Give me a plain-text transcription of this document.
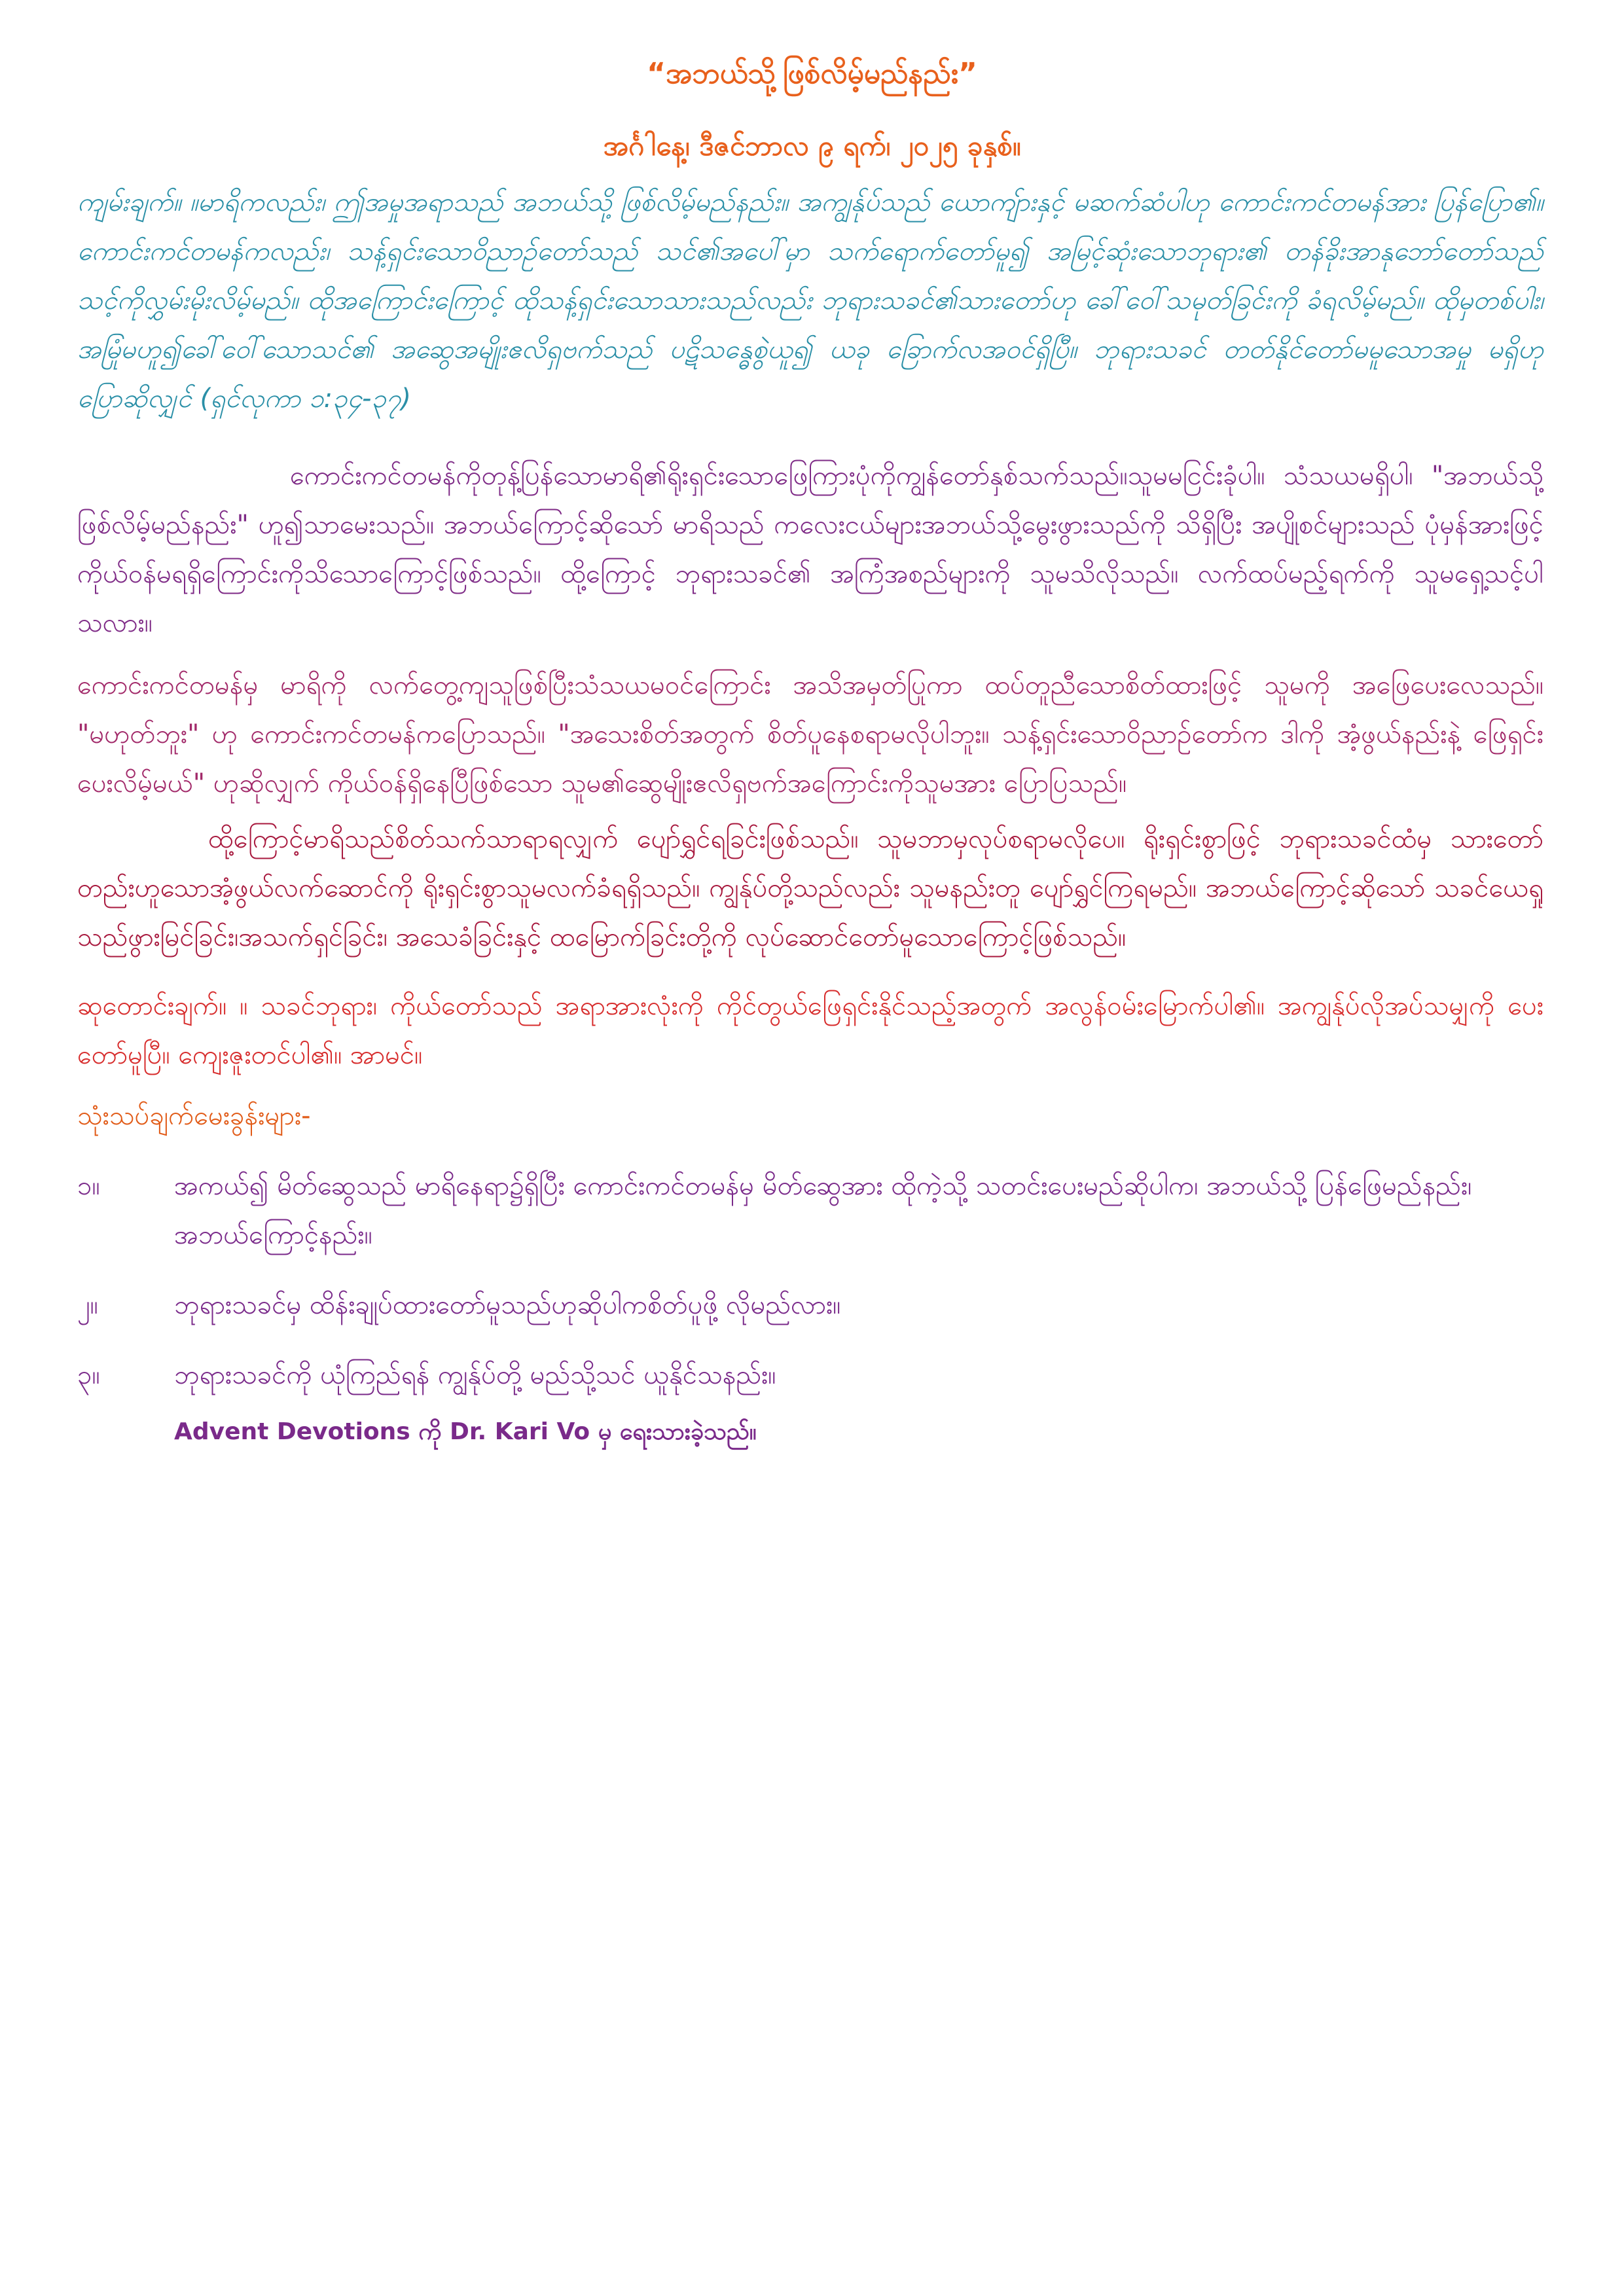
“အဘယ်သို့ဖြစ်လိမ့်မည်နည်း”
အင်္ဂါနေ့၊ ဒီဇင်ဘာလ ၉ ရက်၊ ၂၀၂၅ ခုနှစ်။

ကျမ်းချက်။ ။မာရိကလည်း၊ ဤအမှုအရာသည် အဘယ်သို့ ဖြစ်လိမ့်မည်နည်း။ အကျွန်ုပ်သည် ယောကျ်ားနှင့် မဆက်ဆံပါဟု ကောင်းကင်တမန်အား ပြန်ပြော၏။ကောင်းကင်တမန်ကလည်း၊ သန့်ရှင်းသောဝိညာဉ်တော်သည် သင်၏အပေါ်မှာ သက်ရောက်တော်မူ၍ အမြင့်ဆုံးသောဘုရား၏ တန်ခိုးအာနုဘော်တော်သည် သင့်ကိုလွှမ်းမိုးလိမ့်မည်။ ထိုအကြောင်းကြောင့် ထိုသန့်ရှင်းသောသားသည်လည်း ဘုရားသခင်၏သားတော်ဟု ခေါ်ဝေါ်သမုတ်ခြင်းကို ခံရလိမ့်မည်။ ထိုမှတစ်ပါး၊ အမြုံမဟူ၍ခေါ်ဝေါ်သောသင်၏ အဆွေအမျိုးဧလိရှဗက်သည် ပဋိသန္ဓေစွဲယူ၍ ယခု ခြောက်လအဝင်ရှိပြီ။ ဘုရားသခင် တတ်နိုင်တော်မမူသောအမှု မရှိဟု ပြောဆိုလျှင် (ရှင်လုကာ ၁:၃၄-၃၇)

ကောင်းကင်တမန်ကိုတုန့်ပြန်သောမာရိ၏ရိုးရှင်းသောဖြေကြားပုံကိုကျွန်တော်နှစ်သက်သည်။သူမမငြင်းခုံပါ။ သံသယမရှိပါ၊ "အဘယ်သို့ဖြစ်လိမ့်မည်နည်း" ဟူ၍သာမေးသည်။ အဘယ်ကြောင့်ဆိုသော် မာရိသည် ကလေးငယ်များအဘယ်သို့မွေးဖွားသည်ကို သိရှိပြီး အပျိုစင်များသည် ပုံမှန်အားဖြင့် ကိုယ်ဝန်မရရှိကြောင်းကိုသိသောကြောင့်ဖြစ်သည်။ ထို့ကြောင့် ဘုရားသခင်၏ အကြံအစည်များကို သူမသိလိုသည်။ လက်ထပ်မည့်ရက်ကို သူမရှေ့သင့်ပါသလား။

ကောင်းကင်တမန်မှ မာရိကို လက်တွေ့ကျသူဖြစ်ပြီးသံသယမဝင်ကြောင်း အသိအမှတ်ပြုကာ ထပ်တူညီသောစိတ်ထားဖြင့် သူမကို အဖြေပေးလေသည်။ "မဟုတ်ဘူး" ဟု ကောင်းကင်တမန်ကပြောသည်။ "အသေးစိတ်အတွက် စိတ်ပူနေစရာမလိုပါဘူး။ သန့်ရှင်းသောဝိညာဉ်တော်က ဒါကို အံ့ဖွယ်နည်းနဲ့ ဖြေရှင်းပေးလိမ့်မယ်" ဟုဆိုလျှက် ကိုယ်ဝန်ရှိနေပြီဖြစ်သော သူမ၏ဆွေမျိုးဧလိရှဗက်အကြောင်းကိုသူမအား ပြောပြသည်။

ထို့ကြောင့်မာရိသည်စိတ်သက်သာရာရလျှက် ပျော်ရွှင်ရခြင်းဖြစ်သည်။ သူမဘာမှလုပ်စရာမလိုပေ။ ရိုးရှင်းစွာဖြင့် ဘုရားသခင်ထံမှ သားတော်တည်းဟူသောအံ့ဖွယ်လက်ဆောင်ကို ရိုးရှင်းစွာသူမလက်ခံရရှိသည်။ ကျွန်ုပ်တို့သည်လည်း သူမနည်းတူ ပျော်ရွှင်ကြရမည်။ အဘယ်ကြောင့်ဆိုသော် သခင်ယေရှုသည်ဖွားမြင်ခြင်း၊အသက်ရှင်ခြင်း၊ အသေခံခြင်းနှင့် ထမြောက်ခြင်းတို့ကို လုပ်ဆောင်တော်မူသောကြောင့်ဖြစ်သည်။

ဆုတောင်းချက်။ ။ သခင်ဘုရား၊ ကိုယ်တော်သည် အရာအားလုံးကို ကိုင်တွယ်ဖြေရှင်းနိုင်သည့်အတွက် အလွန်ဝမ်းမြောက်ပါ၏။ အကျွန်ုပ်လိုအပ်သမျှကို ပေးတော်မူပြီ။ ကျေးဇူးတင်ပါ၏။ အာမင်။

သုံးသပ်ချက်မေးခွန်းများ-

၁။	အကယ်၍ မိတ်ဆွေသည် မာရိနေရာ၌ရှိပြီး ကောင်းကင်တမန်မှ မိတ်ဆွေအား ထိုကဲ့သို့ သတင်းပေးမည်ဆိုပါက၊ အဘယ်သို့ ပြန်ဖြေမည်နည်း၊ အဘယ်ကြောင့်နည်း။
၂။	ဘုရားသခင်မှ ထိန်းချုပ်ထားတော်မူသည်ဟုဆိုပါကစိတ်ပူဖို့ လိုမည်လား။
၃။	ဘုရားသခင်ကို ယုံကြည်ရန် ကျွန်ုပ်တို့ မည်သို့သင် ယူနိုင်သနည်း။
Advent Devotions ကို Dr. Kari Vo မှ ရေးသားခဲ့သည်။
